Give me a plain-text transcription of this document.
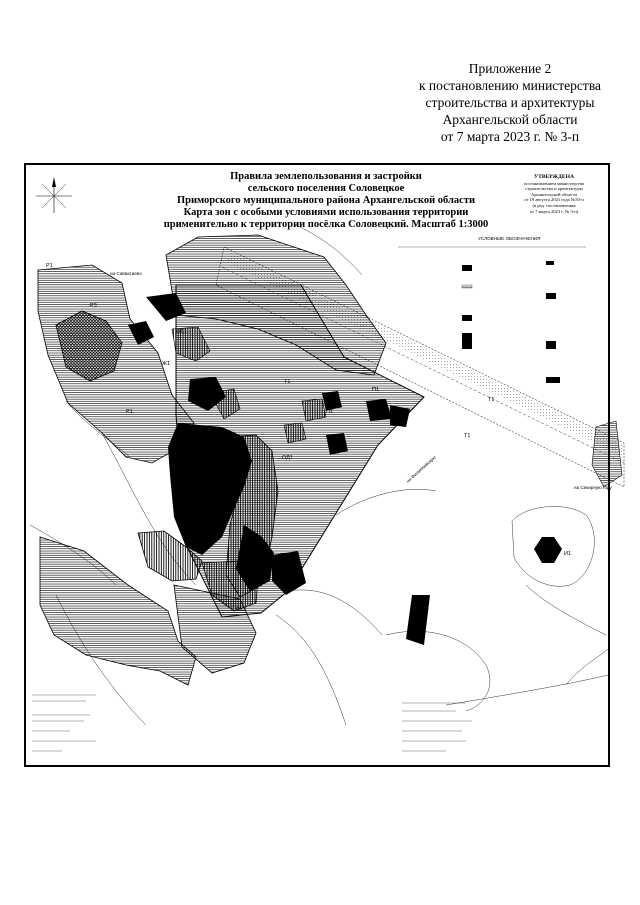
Приложение 2
к постановлению министерства
строительства и архитектуры
Архангельской области
от 7 марта 2023 г. № 3-п
на Савватиево
на Филипповскую
на Секирную гору
Правила землепользования и застройки
сельского поселения Соловецкое
Приморского муниципального района Архангельской области
Карта зон с особыми условиями использования территории
применительно к территории посёлка Соловецкий. Масштаб 1:3000
УТВЕРЖДЕНА
постановлением министерства
строительства и архитектуры
Архангельской области
от 19 августа 2021 года №50-п
(в ред. постановления
от 7 марта 2023 г. № 3-п)
УСЛОВНЫЕ ОБОЗНАЧЕНИЯ
Т1
Т1
Т1
Р1
Р3
Р1
Ж1
Ж1
ОД1
ОД1
П1
П1
СХ2
И1
